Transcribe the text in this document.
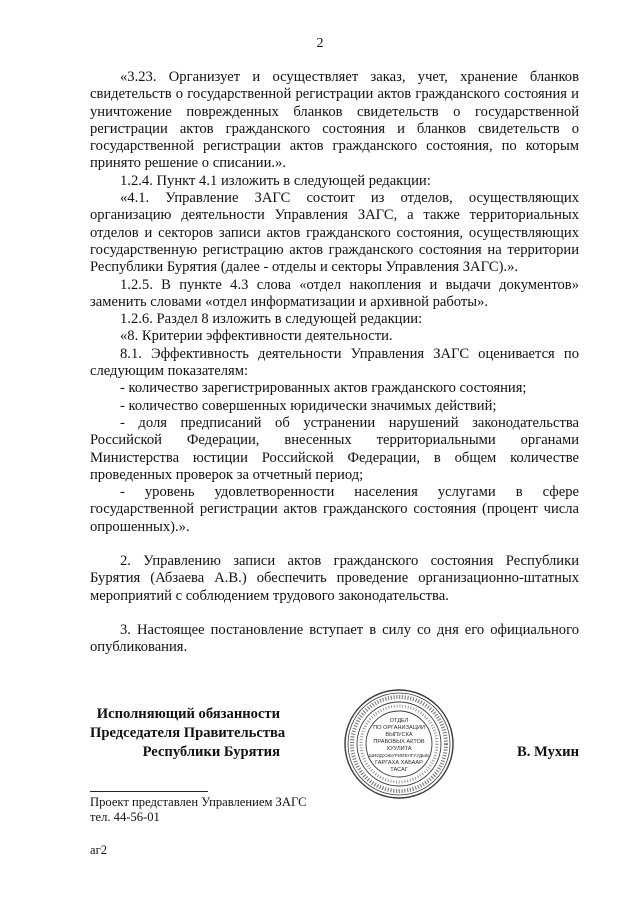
2

«3.23. Организует и осуществляет заказ, учет, хранение бланков свидетельств о государственной регистрации актов гражданского состояния и уничтожение поврежденных бланков свидетельств о государственной регистрации актов гражданского состояния и бланков свидетельств о государственной регистрации актов гражданского состояния, по которым принято решение о списании.».

1.2.4. Пункт 4.1 изложить в следующей редакции:

«4.1. Управление ЗАГС состоит из отделов, осуществляющих организацию деятельности Управления ЗАГС, а также территориальных отделов и секторов записи актов гражданского состояния, осуществляющих государственную регистрацию актов гражданского состояния на территории Республики Бурятия (далее - отделы и секторы Управления ЗАГС).».

1.2.5. В пункте 4.3 слова «отдел накопления и выдачи документов» заменить словами «отдел информатизации и архивной работы».

1.2.6. Раздел 8 изложить в следующей редакции:

«8. Критерии эффективности деятельности.

8.1. Эффективность деятельности Управления ЗАГС оценивается по следующим показателям:

- количество зарегистрированных актов гражданского состояния;

- количество совершенных юридически значимых действий;

- доля предписаний об устранении нарушений законодательства Российской Федерации, внесенных территориальными органами Министерства юстиции Российской Федерации, в общем количестве проведенных проверок за отчетный период;

- уровень удовлетворенности населения услугами в сфере государственной регистрации актов гражданского состояния (процент числа опрошенных).».

2. Управлению записи актов гражданского состояния Республики Бурятия (Абзаева А.В.) обеспечить проведение организационно-штатных мероприятий с соблюдением трудового законодательства.

3. Настоящее постановление вступает в силу со дня его официального опубликования.

Исполняющий обязанности
Председателя Правительства
Республики Бурятия
ОТДЕЛ
ПО ОРГАНИЗАЦИИ
ВЫПУСКА
ПРАВОВЫХ АКТОВ
ХУУЛИТА
ШИИДХЭБУРИИЕНГУУДЫЕ
ГАРГАХА ХАБААР
ТАСАГ
В. Мухин
Проект представлен Управлением ЗАГС
тел. 44-56-01
аг2
